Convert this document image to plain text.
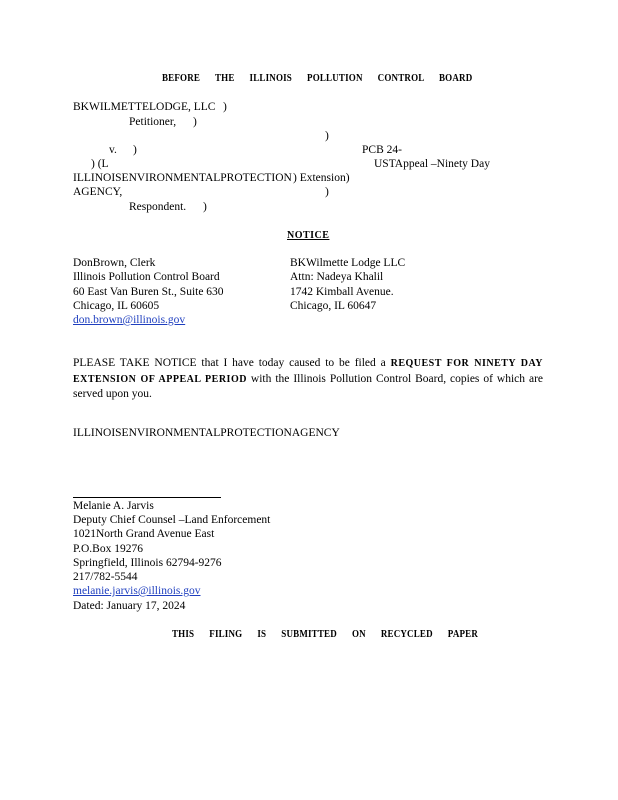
BEFORE THE ILLINOIS POLLUTION CONTROL BOARD
BKWILMETTELODGE, LLC )
Petitioner, )
)
v. )	PCB 24-
) (L	USTAppeal –Ninety Day
ILLINOISENVIRONMENTALPROTECTION ) Extension)
AGENCY,	)
Respondent. )
NOTICE
DonBrown, Clerk
Illinois Pollution Control Board
60 East Van Buren St., Suite 630
Chicago, IL 60605
don.brown@illinois.gov
BKWilmette Lodge LLC
Attn: Nadeya Khalil
1742 Kimball Avenue.
Chicago, IL 60647
PLEASE TAKE NOTICE that I have today caused to be filed a REQUEST FOR NINETY DAY EXTENSION OF APPEAL PERIOD with the Illinois Pollution Control Board, copies of which are served upon you.
ILLINOISENVIRONMENTALPROTECTIONAGENCY
Melanie A. Jarvis
Deputy Chief Counsel –Land Enforcement
1021North Grand Avenue East
P.O.Box 19276
Springfield, Illinois 62794-9276
217/782-5544
melanie.jarvis@illinois.gov
Dated: January 17, 2024
THIS FILING IS SUBMITTED ON RECYCLED PAPER
